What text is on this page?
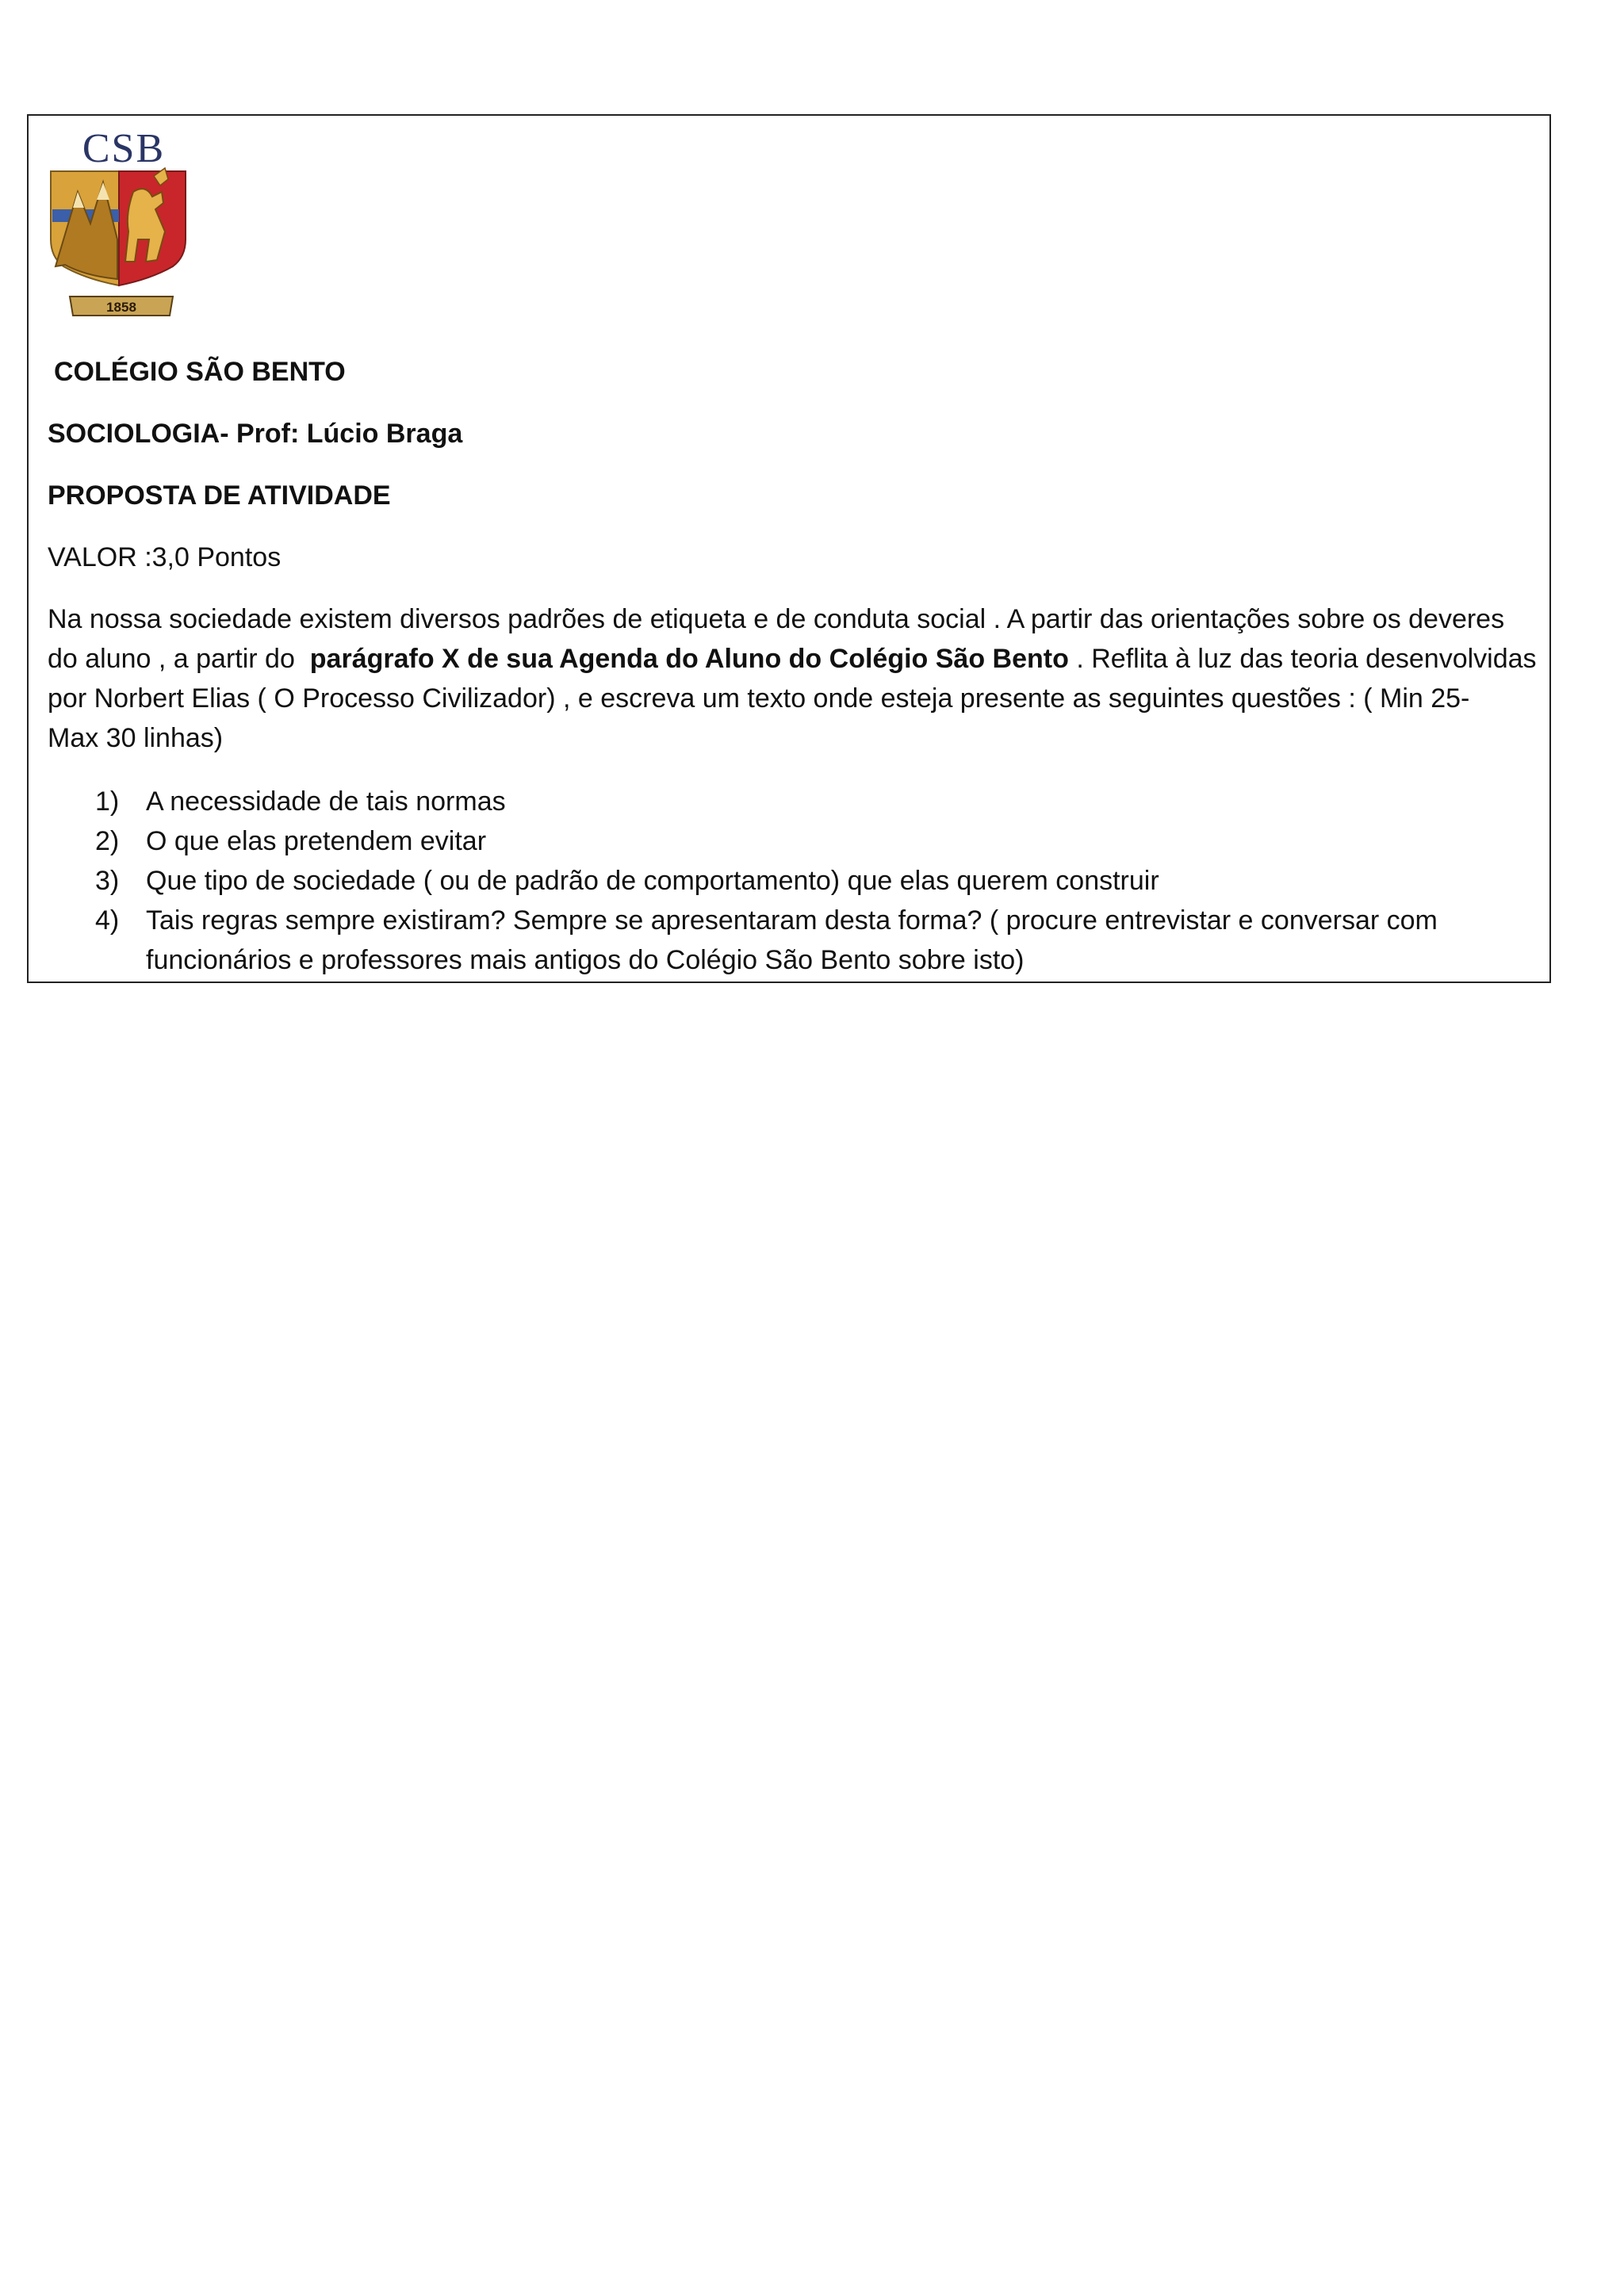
CSB
1858
COLÉGIO SÃO BENTO
SOCIOLOGIA- Prof: Lúcio Braga
PROPOSTA DE ATIVIDADE
VALOR :3,0 Pontos
Na nossa sociedade existem diversos padrões de etiqueta e de conduta social . A partir das orientações sobre os deveres
do aluno , a partir do  parágrafo X de sua Agenda do Aluno do Colégio São Bento . Reflita à luz das teoria desenvolvidas
por Norbert Elias ( O Processo Civilizador) , e escreva um texto onde esteja presente as seguintes questões : ( Min 25-
Max 30 linhas)
1) A necessidade de tais normas
2) O que elas pretendem evitar
3) Que tipo de sociedade ( ou de padrão de comportamento) que elas querem construir
4) Tais regras sempre existiram? Sempre se apresentaram desta forma? ( procure entrevistar e conversar com
funcionários e professores mais antigos do Colégio São Bento sobre isto)
